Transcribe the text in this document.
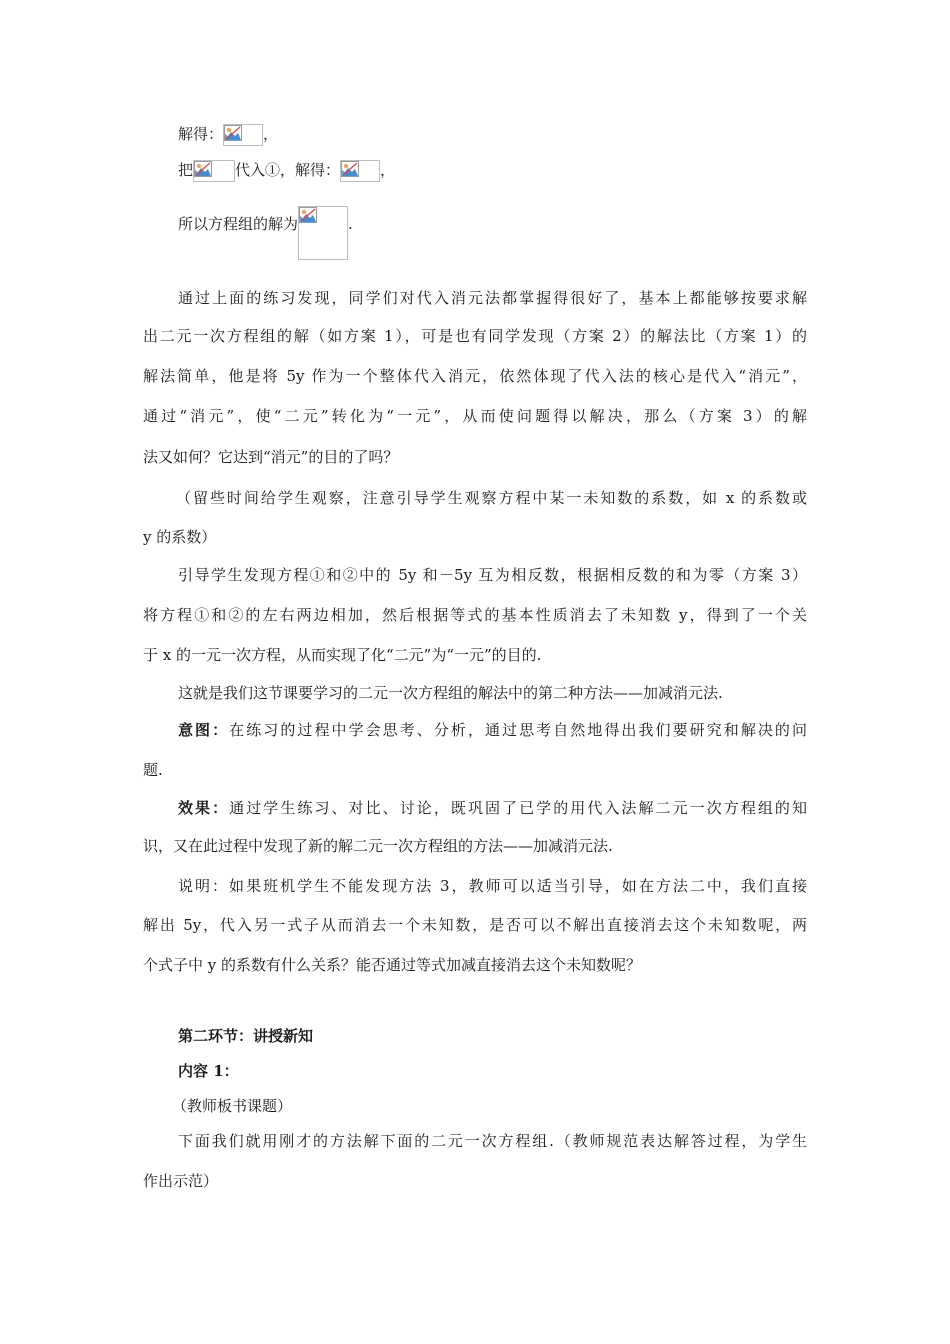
解得：	，
把	代入①，解得：	，
所以方程组的解为	.
通过上面的练习发现，同学们对代入消元法都掌握得很好了，基本上都能够按要求解
出二元一次方程组的解（如方案 1），可是也有同学发现（方案 2）的解法比（方案 1）的
解法简单，他是将 5y 作为一个整体代入消元，依然体现了代入法的核心是代入“消元”，
通过“消元”，使“二元”转化为“一元”，从而使问题得以解决，那么（方案 3）的解
法又如何？它达到“消元”的目的了吗？
（留些时间给学生观察，注意引导学生观察方程中某一未知数的系数，如 x 的系数或
y 的系数）
引导学生发现方程①和②中的 5y 和－5y 互为相反数，根据相反数的和为零（方案 3）
将方程①和②的左右两边相加，然后根据等式的基本性质消去了未知数 y，得到了一个关
于 x 的一元一次方程，从而实现了化“二元”为“一元”的目的.
这就是我们这节课要学习的二元一次方程组的解法中的第二种方法——加减消元法.
意图：在练习的过程中学会思考、分析，通过思考自然地得出我们要研究和解决的问
题.
效果：通过学生练习、对比、讨论，既巩固了已学的用代入法解二元一次方程组的知
识，又在此过程中发现了新的解二元一次方程组的方法——加减消元法.
说明：如果班机学生不能发现方法 3，教师可以适当引导，如在方法二中，我们直接
解出 5y，代入另一式子从而消去一个未知数，是否可以不解出直接消去这个未知数呢，两
个式子中 y 的系数有什么关系？能否通过等式加减直接消去这个未知数呢？
第二环节：讲授新知
内容 1：
（教师板书课题）
下面我们就用刚才的方法解下面的二元一次方程组.（教师规范表达解答过程，为学生
作出示范）
